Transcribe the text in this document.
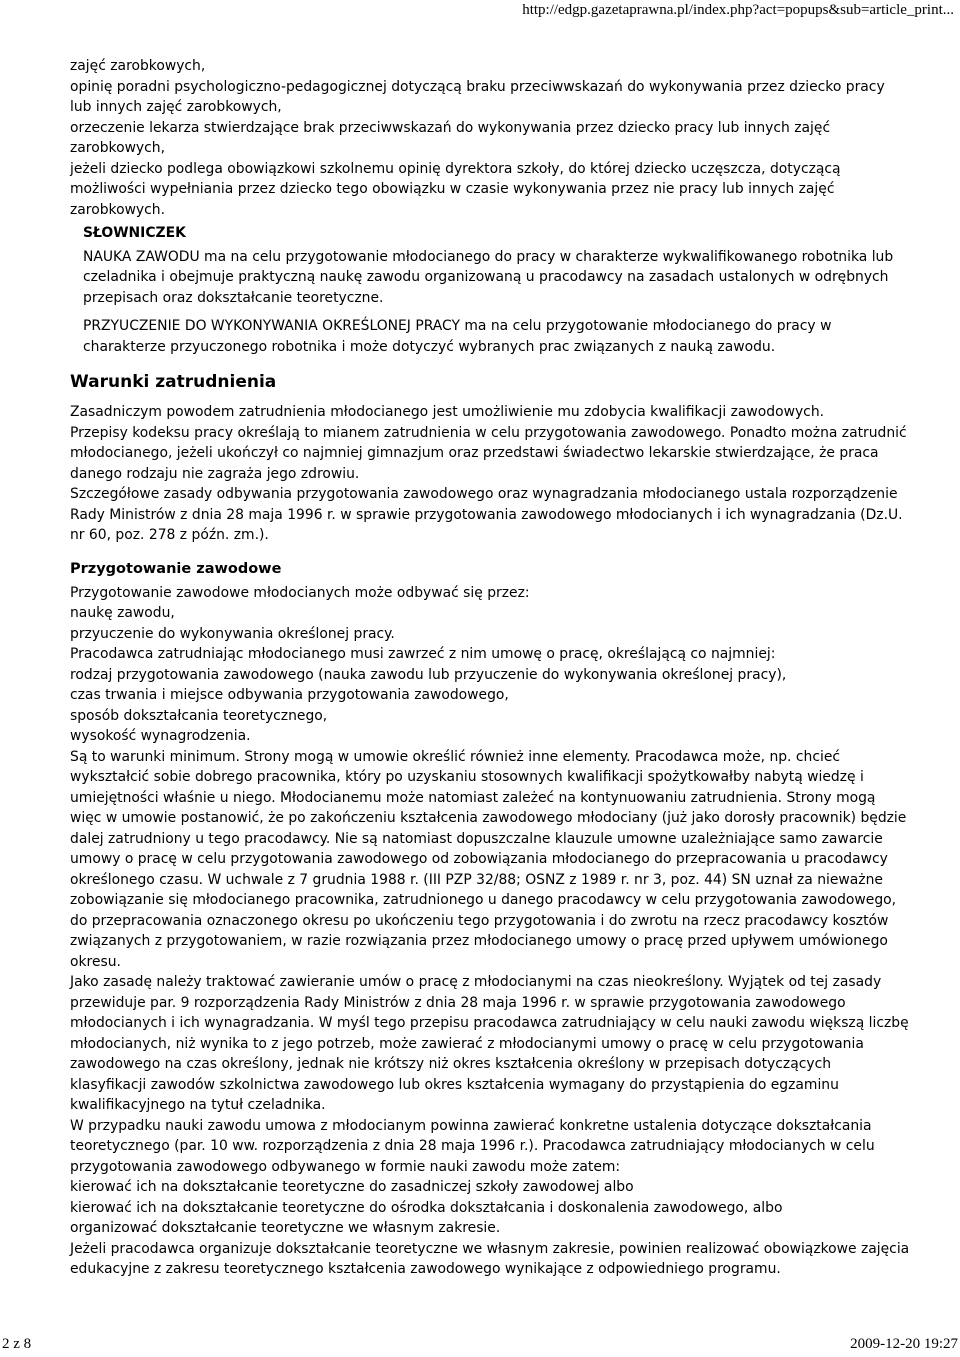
http://edgp.gazetaprawna.pl/index.php?act=popups&sub=article_print...

zajęć zarobkowych,

opinię poradni psychologiczno-pedagogicznej dotyczącą braku przeciwwskazań do wykonywania przez dziecko pracy lub innych zajęć zarobkowych,

orzeczenie lekarza stwierdzające brak przeciwwskazań do wykonywania przez dziecko pracy lub innych zajęć zarobkowych,

jeżeli dziecko podlega obowiązkowi szkolnemu opinię dyrektora szkoły, do której dziecko uczęszcza, dotyczącą możliwości wypełniania przez dziecko tego obowiązku w czasie wykonywania przez nie pracy lub innych zajęć zarobkowych.

SŁOWNICZEK

NAUKA ZAWODU ma na celu przygotowanie młodocianego do pracy w charakterze wykwalifikowanego robotnika lub czeladnika i obejmuje praktyczną naukę zawodu organizowaną u pracodawcy na zasadach ustalonych w odrębnych przepisach oraz dokształcanie teoretyczne.

PRZYUCZENIE DO WYKONYWANIA OKREŚLONEJ PRACY ma na celu przygotowanie młodocianego do pracy w charakterze przyuczonego robotnika i może dotyczyć wybranych prac związanych z nauką zawodu.

Warunki zatrudnienia

Zasadniczym powodem zatrudnienia młodocianego jest umożliwienie mu zdobycia kwalifikacji zawodowych.

Przepisy kodeksu pracy określają to mianem zatrudnienia w celu przygotowania zawodowego. Ponadto można zatrudnić młodocianego, jeżeli ukończył co najmniej gimnazjum oraz przedstawi świadectwo lekarskie stwierdzające, że praca danego rodzaju nie zagraża jego zdrowiu.

Szczegółowe zasady odbywania przygotowania zawodowego oraz wynagradzania młodocianego ustala rozporządzenie Rady Ministrów z dnia 28 maja 1996 r. w sprawie przygotowania zawodowego młodocianych i ich wynagradzania (Dz.U. nr 60, poz. 278 z późn. zm.).

Przygotowanie zawodowe

Przygotowanie zawodowe młodocianych może odbywać się przez:

naukę zawodu,

przyuczenie do wykonywania określonej pracy.

Pracodawca zatrudniając młodocianego musi zawrzeć z nim umowę o pracę, określającą co najmniej:

rodzaj przygotowania zawodowego (nauka zawodu lub przyuczenie do wykonywania określonej pracy),

czas trwania i miejsce odbywania przygotowania zawodowego,

sposób dokształcania teoretycznego,

wysokość wynagrodzenia.

Są to warunki minimum. Strony mogą w umowie określić również inne elementy. Pracodawca może, np. chcieć wykształcić sobie dobrego pracownika, który po uzyskaniu stosownych kwalifikacji spożytkowałby nabytą wiedzę i umiejętności właśnie u niego. Młodocianemu może natomiast zależeć na kontynuowaniu zatrudnienia. Strony mogą więc w umowie postanowić, że po zakończeniu kształcenia zawodowego młodociany (już jako dorosły pracownik) będzie dalej zatrudniony u tego pracodawcy. Nie są natomiast dopuszczalne klauzule umowne uzależniające samo zawarcie umowy o pracę w celu przygotowania zawodowego od zobowiązania młodocianego do przepracowania u pracodawcy określonego czasu. W uchwale z 7 grudnia 1988 r. (III PZP 32/88; OSNZ z 1989 r. nr 3, poz. 44) SN uznał za nieważne zobowiązanie się młodocianego pracownika, zatrudnionego u danego pracodawcy w celu przygotowania zawodowego, do przepracowania oznaczonego okresu po ukończeniu tego przygotowania i do zwrotu na rzecz pracodawcy kosztów związanych z przygotowaniem, w razie rozwiązania przez młodocianego umowy o pracę przed upływem umówionego okresu.

Jako zasadę należy traktować zawieranie umów o pracę z młodocianymi na czas nieokreślony. Wyjątek od tej zasady przewiduje par. 9 rozporządzenia Rady Ministrów z dnia 28 maja 1996 r. w sprawie przygotowania zawodowego młodocianych i ich wynagradzania. W myśl tego przepisu pracodawca zatrudniający w celu nauki zawodu większą liczbę młodocianych, niż wynika to z jego potrzeb, może zawierać z młodocianymi umowy o pracę w celu przygotowania zawodowego na czas określony, jednak nie krótszy niż okres kształcenia określony w przepisach dotyczących klasyfikacji zawodów szkolnictwa zawodowego lub okres kształcenia wymagany do przystąpienia do egzaminu kwalifikacyjnego na tytuł czeladnika.

W przypadku nauki zawodu umowa z młodocianym powinna zawierać konkretne ustalenia dotyczące dokształcania teoretycznego (par. 10 ww. rozporządzenia z dnia 28 maja 1996 r.). Pracodawca zatrudniający młodocianych w celu przygotowania zawodowego odbywanego w formie nauki zawodu może zatem:

kierować ich na dokształcanie teoretyczne do zasadniczej szkoły zawodowej albo

kierować ich na dokształcanie teoretyczne do ośrodka dokształcania i doskonalenia zawodowego, albo

organizować dokształcanie teoretyczne we własnym zakresie.

Jeżeli pracodawca organizuje dokształcanie teoretyczne we własnym zakresie, powinien realizować obowiązkowe zajęcia edukacyjne z zakresu teoretycznego kształcenia zawodowego wynikające z odpowiedniego programu.

2 z 8	2009-12-20 19:27
